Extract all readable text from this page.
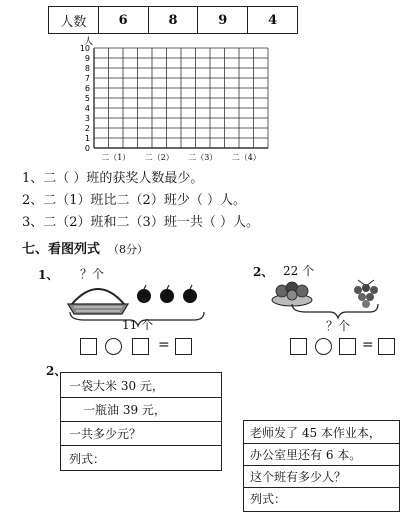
人数	6	8	9	4
人
0
1
2
3
4
5
6
7
8
9
10
二（1） 二（2） 二（3） 二（4）
1、二（ ）班的获奖人数最少。
2、二（1）班比二（2）班少（ ）人。
3、二（2）班和二（3）班一共（ ）人。
七、看图列式 （8分）
1、 ？个
11 个
=
2、 22 个
？个
=
2、
一袋大米 30 元，
一瓶油 39 元，
一共多少元？
列式：
老师发了 45 本作业本，
办公室里还有 6 本。
这个班有多少人？
列式：
